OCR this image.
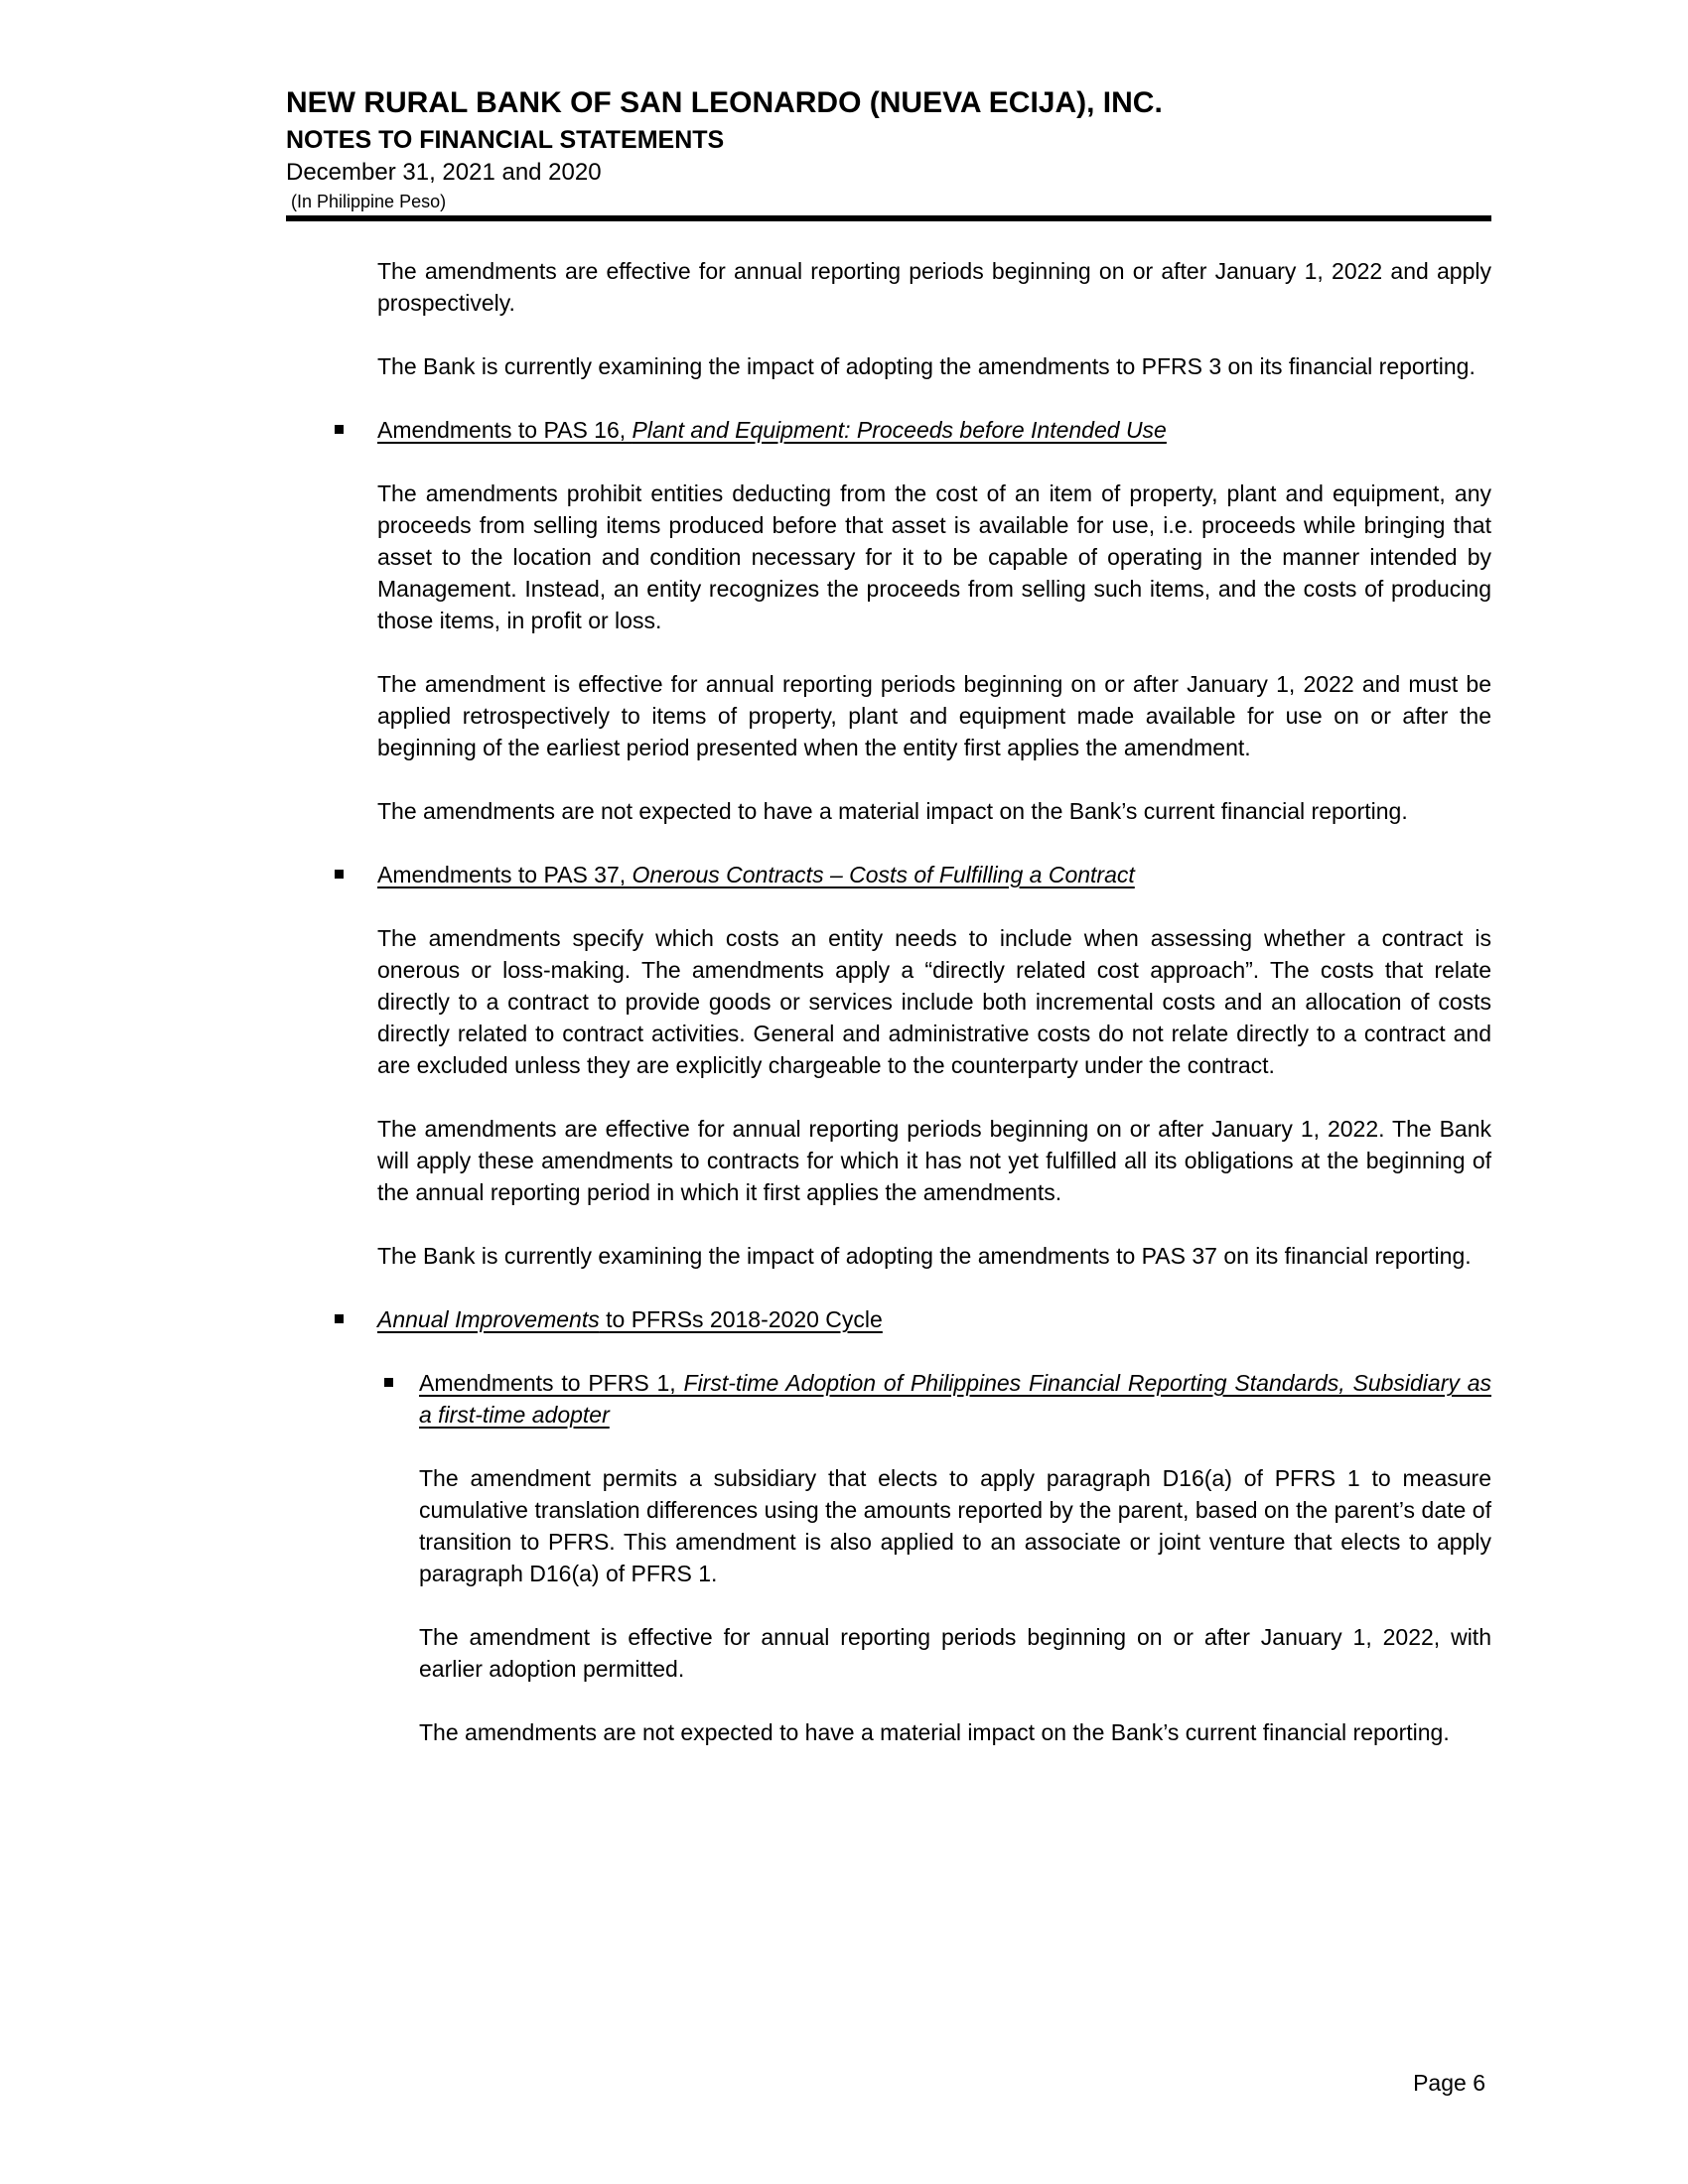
NEW RURAL BANK OF SAN LEONARDO (NUEVA ECIJA), INC.
NOTES TO FINANCIAL STATEMENTS
December 31, 2021 and 2020
(In Philippine Peso)

The amendments are effective for annual reporting periods beginning on or after January 1, 2022 and apply prospectively.

The Bank is currently examining the impact of adopting the amendments to PFRS 3 on its financial reporting.

Amendments to PAS 16, Plant and Equipment: Proceeds before Intended Use

The amendments prohibit entities deducting from the cost of an item of property, plant and equipment, any proceeds from selling items produced before that asset is available for use, i.e. proceeds while bringing that asset to the location and condition necessary for it to be capable of operating in the manner intended by Management. Instead, an entity recognizes the proceeds from selling such items, and the costs of producing those items, in profit or loss.

The amendment is effective for annual reporting periods beginning on or after January 1, 2022 and must be applied retrospectively to items of property, plant and equipment made available for use on or after the beginning of the earliest period presented when the entity first applies the amendment.

The amendments are not expected to have a material impact on the Bank’s current financial reporting.

Amendments to PAS 37, Onerous Contracts – Costs of Fulfilling a Contract

The amendments specify which costs an entity needs to include when assessing whether a contract is onerous or loss-making. The amendments apply a “directly related cost approach”. The costs that relate directly to a contract to provide goods or services include both incremental costs and an allocation of costs directly related to contract activities. General and administrative costs do not relate directly to a contract and are excluded unless they are explicitly chargeable to the counterparty under the contract.

The amendments are effective for annual reporting periods beginning on or after January 1, 2022. The Bank will apply these amendments to contracts for which it has not yet fulfilled all its obligations at the beginning of the annual reporting period in which it first applies the amendments.

The Bank is currently examining the impact of adopting the amendments to PAS 37 on its financial reporting.

Annual Improvements to PFRSs 2018-2020 Cycle
Amendments to PFRS 1, First-time Adoption of Philippines Financial Reporting Standards, Subsidiary as a first-time adopter

The amendment permits a subsidiary that elects to apply paragraph D16(a) of PFRS 1 to measure cumulative translation differences using the amounts reported by the parent, based on the parent’s date of transition to PFRS. This amendment is also applied to an associate or joint venture that elects to apply paragraph D16(a) of PFRS 1.

The amendment is effective for annual reporting periods beginning on or after January 1, 2022, with earlier adoption permitted.

The amendments are not expected to have a material impact on the Bank’s current financial reporting.

Page 6
